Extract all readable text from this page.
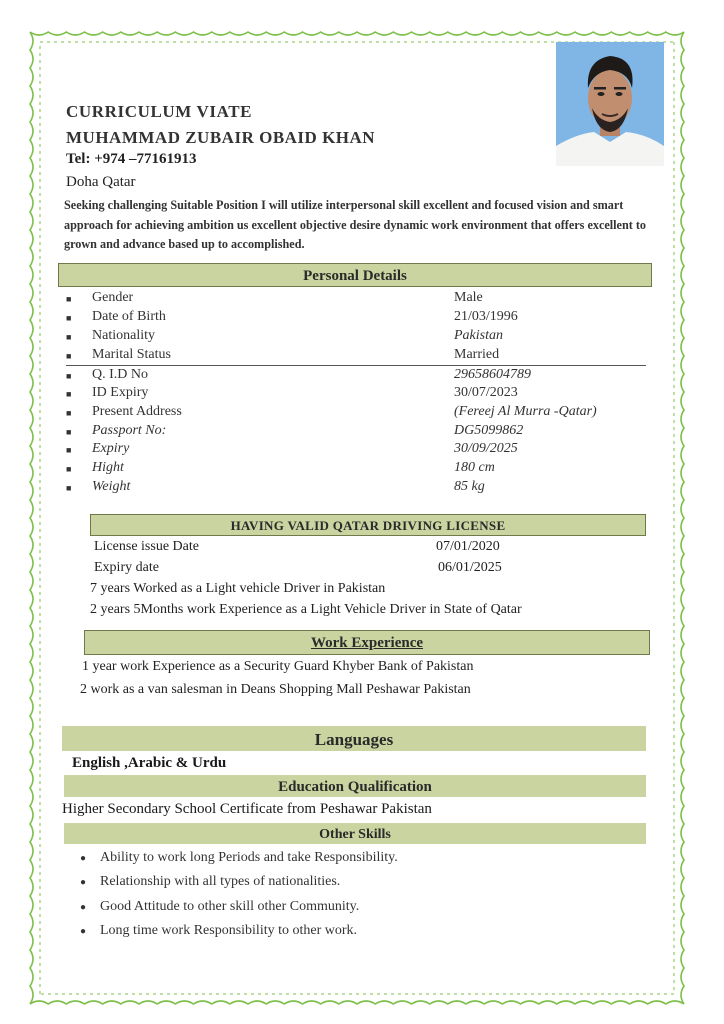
CURRICULUM VIATE
MUHAMMAD ZUBAIR OBAID KHAN
Tel: +974 –77161913
Doha Qatar
Seeking challenging Suitable Position I will utilize interpersonal skill excellent and focused vision and smart approach for achieving ambition us excellent objective desire dynamic work environment that offers excellent to grown and advance based up to accomplished.
Personal Details
■	Gender	Male
■	Date of Birth	21/03/1996
■	Nationality	Pakistan
■	Marital Status	Married
■	Q. I.D No	29658604789
■	ID Expiry	30/07/2023
■	Present Address	(Fereej Al Murra -Qatar)
■	Passport No:	DG5099862
■	Expiry	30/09/2025
■	Hight	180 cm
■	Weight	85 kg
HAVING VALID QATAR DRIVING LICENSE
License issue Date	07/01/2020
Expiry date	06/01/2025
7 years Worked as a Light vehicle Driver in Pakistan
2 years 5Months work Experience as a Light Vehicle Driver in State of Qatar
Work Experience
1 year work Experience as a Security Guard Khyber Bank of Pakistan
2 work as a van salesman in Deans Shopping Mall Peshawar Pakistan
Languages
English ,Arabic & Urdu
Education Qualification
Higher Secondary School Certificate from Peshawar Pakistan
Other Skills
● Ability to work long Periods and take Responsibility.
● Relationship with all types of nationalities.
● Good Attitude to other skill other Community.
● Long time work Responsibility to other work.
